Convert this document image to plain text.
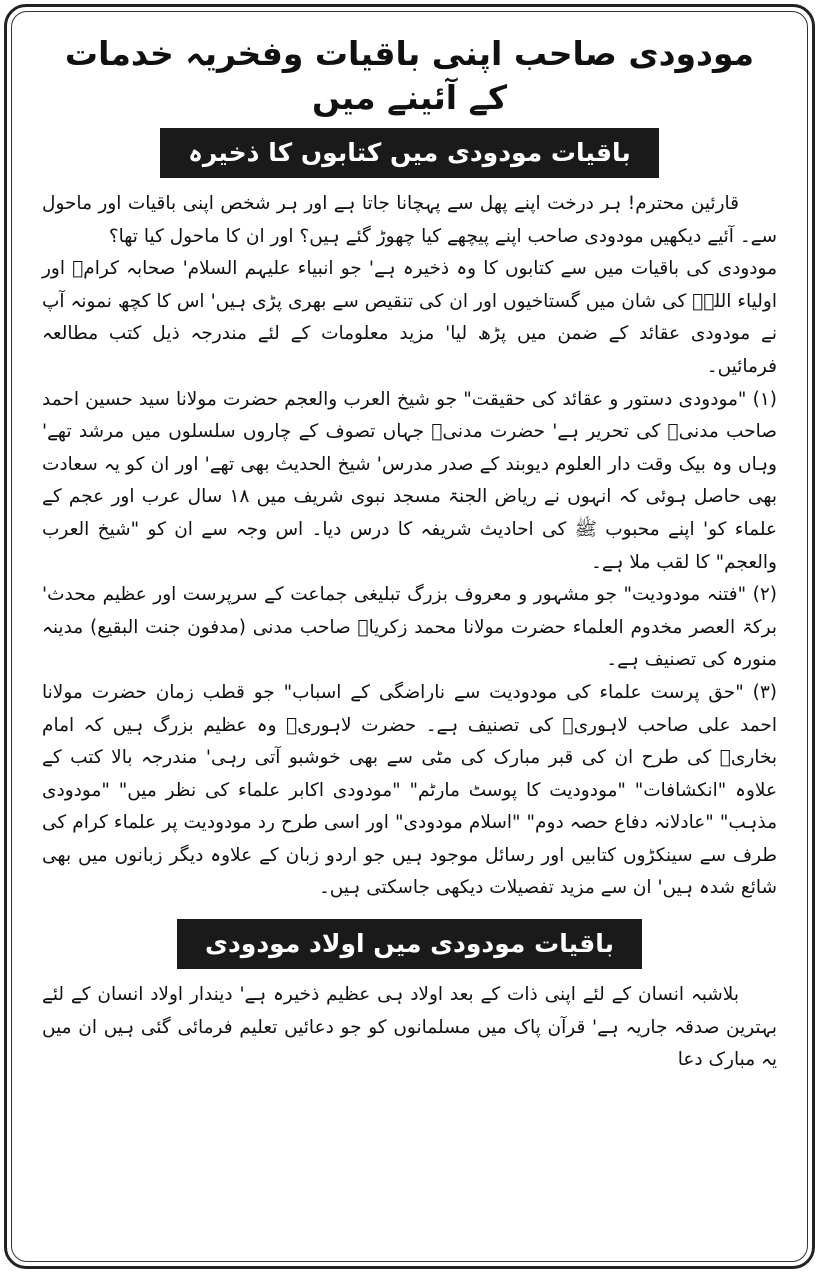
مودودی صاحب اپنی باقیات وفخریہ خدمات کے آئینے میں
باقیات مودودی میں کتابوں کا ذخیرہ

قارئین محترم! ہر درخت اپنے پھل سے پہچانا جاتا ہے اور ہر شخص اپنی باقیات اور ماحول سے۔ آئیے دیکھیں مودودی صاحب اپنے پیچھے کیا چھوڑ گئے ہیں؟ اور ان کا ماحول کیا تھا؟

مودودی کی باقیات میں سے کتابوں کا وہ ذخیرہ ہے' جو انبیاء علیہم السلام' صحابہ کرامؓ اور اولیاء اللہؒ کی شان میں گستاخیوں اور ان کی تنقیص سے بھری پڑی ہیں' اس کا کچھ نمونہ آپ نے مودودی عقائد کے ضمن میں پڑھ لیا' مزید معلومات کے لئے مندرجہ ذیل کتب مطالعہ فرمائیں۔

(۱) "مودودی دستور و عقائد کی حقیقت" جو شیخ العرب والعجم حضرت مولانا سید حسین احمد صاحب مدنیؒ کی تحریر ہے' حضرت مدنیؒ جہاں تصوف کے چاروں سلسلوں میں مرشد تھے' وہاں وہ بیک وقت دار العلوم دیوبند کے صدر مدرس' شیخ الحدیث بھی تھے' اور ان کو یہ سعادت بھی حاصل ہوئی کہ انہوں نے ریاض الجنۃ مسجد نبوی شریف میں ۱۸ سال عرب اور عجم کے علماء کو' اپنے محبوب ﷺ کی احادیث شریفہ کا درس دیا۔ اس وجہ سے ان کو "شیخ العرب والعجم" کا لقب ملا ہے۔

(۲) "فتنہ مودودیت" جو مشہور و معروف بزرگ تبلیغی جماعت کے سرپرست اور عظیم محدث' برکۃ العصر مخدوم العلماء حضرت مولانا محمد زکریاؒ صاحب مدنی (مدفون جنت البقیع) مدینہ منورہ کی تصنیف ہے۔

(۳) "حق پرست علماء کی مودودیت سے ناراضگی کے اسباب" جو قطب زمان حضرت مولانا احمد علی صاحب لاہوریؒ کی تصنیف ہے۔ حضرت لاہوریؒ وہ عظیم بزرگ ہیں کہ امام بخاریؒ کی طرح ان کی قبر مبارک کی مٹی سے بھی خوشبو آتی رہی' مندرجہ بالا کتب کے علاوہ "انکشافات" "مودودیت کا پوسٹ مارٹم" "مودودی اکابر علماء کی نظر میں" "مودودی مذہب" "عادلانہ دفاع حصہ دوم" "اسلام مودودی" اور اسی طرح رد مودودیت پر علماء کرام کی طرف سے سینکڑوں کتابیں اور رسائل موجود ہیں جو اردو زبان کے علاوہ دیگر زبانوں میں بھی شائع شدہ ہیں' ان سے مزید تفصیلات دیکھی جاسکتی ہیں۔

باقیات مودودی میں اولاد مودودی

بلاشبہ انسان کے لئے اپنی ذات کے بعد اولاد ہی عظیم ذخیرہ ہے' دیندار اولاد انسان کے لئے بہترین صدقہ جاریہ ہے' قرآن پاک میں مسلمانوں کو جو دعائیں تعلیم فرمائی گئی ہیں ان میں یہ مبارک دعا
